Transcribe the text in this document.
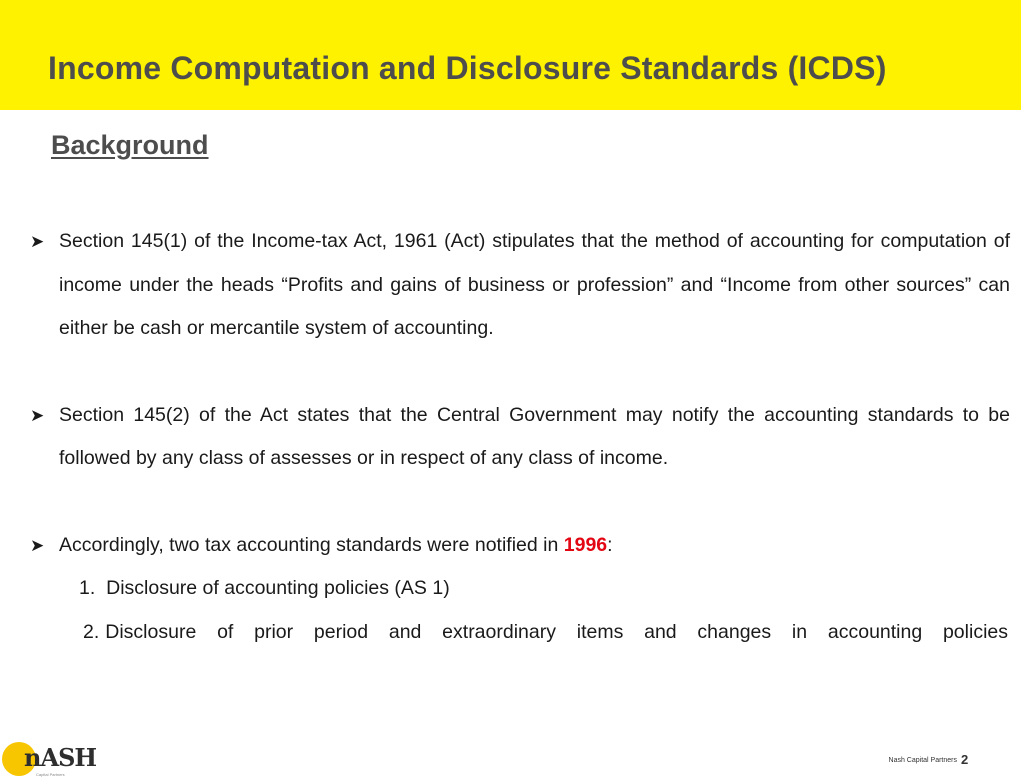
Income Computation and Disclosure Standards (ICDS)
Background

➤ Section 145(1) of the Income-tax Act, 1961 (Act) stipulates that the method of accounting for computation of income under the heads “Profits and gains of business or profession” and “Income from other sources” can either be cash or mercantile system of accounting.

➤ Section 145(2) of the Act states that the Central Government may notify the accounting standards to be followed by any class of assesses or in respect of any class of income.

➤ Accordingly, two tax accounting standards were notified in 1996:

1. Disclosure of accounting policies (AS 1)
2. Disclosure of prior period and extraordinary items and changes in accounting policies
nASH
Capital Partners
Nash Capital Partners 2
